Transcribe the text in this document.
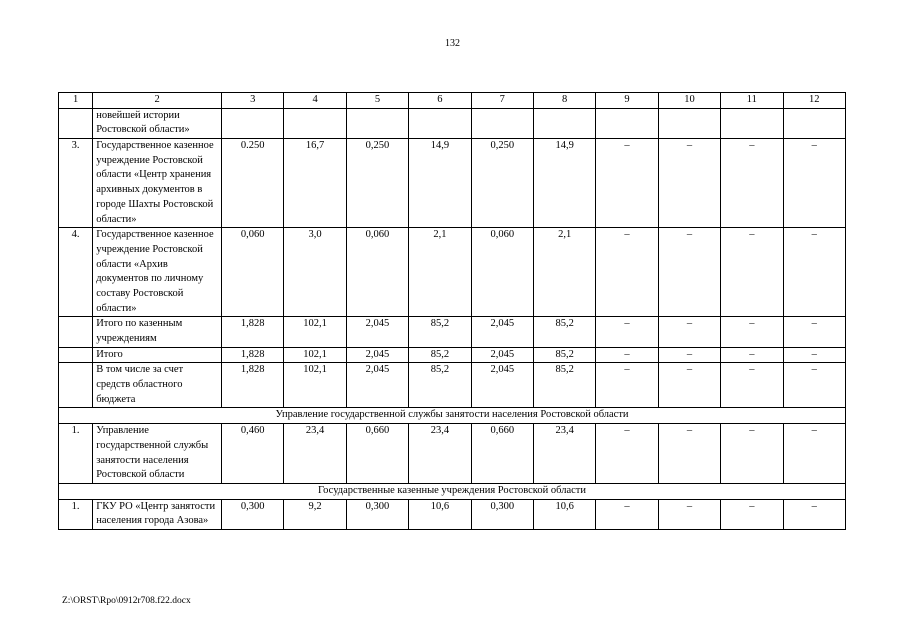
132
1	2	3	4	5	6	7	8	9	10	11	12
	новейшей истории Ростовской области»										
3.	Государственное казенное учреждение Ростовской области «Центр хранения архивных документов в городе Шахты Ростовской области»	0.250	16,7	0,250	14,9	0,250	14,9	–	–	–	–
4.	Государственное казенное учреждение Ростовской области «Архив документов по личному составу Ростовской области»	0,060	3,0	0,060	2,1	0,060	2,1	–	–	–	–
	Итого по казенным учреждениям	1,828	102,1	2,045	85,2	2,045	85,2	–	–	–	–
	Итого	1,828	102,1	2,045	85,2	2,045	85,2	–	–	–	–
	В том числе за счет средств областного бюджета	1,828	102,1	2,045	85,2	2,045	85,2	–	–	–	–
Управление государственной службы занятости населения Ростовской области											
1.	Управление государственной службы занятости населения Ростовской области	0,460	23,4	0,660	23,4	0,660	23,4	–	–	–	–
Государственные казенные учреждения Ростовской области											
1.	ГКУ РО «Центр занятости населения города Азова»	0,300	9,2	0,300	10,6	0,300	10,6	–	–	–	–
Z:\ORST\Rpo\0912r708.f22.docx
